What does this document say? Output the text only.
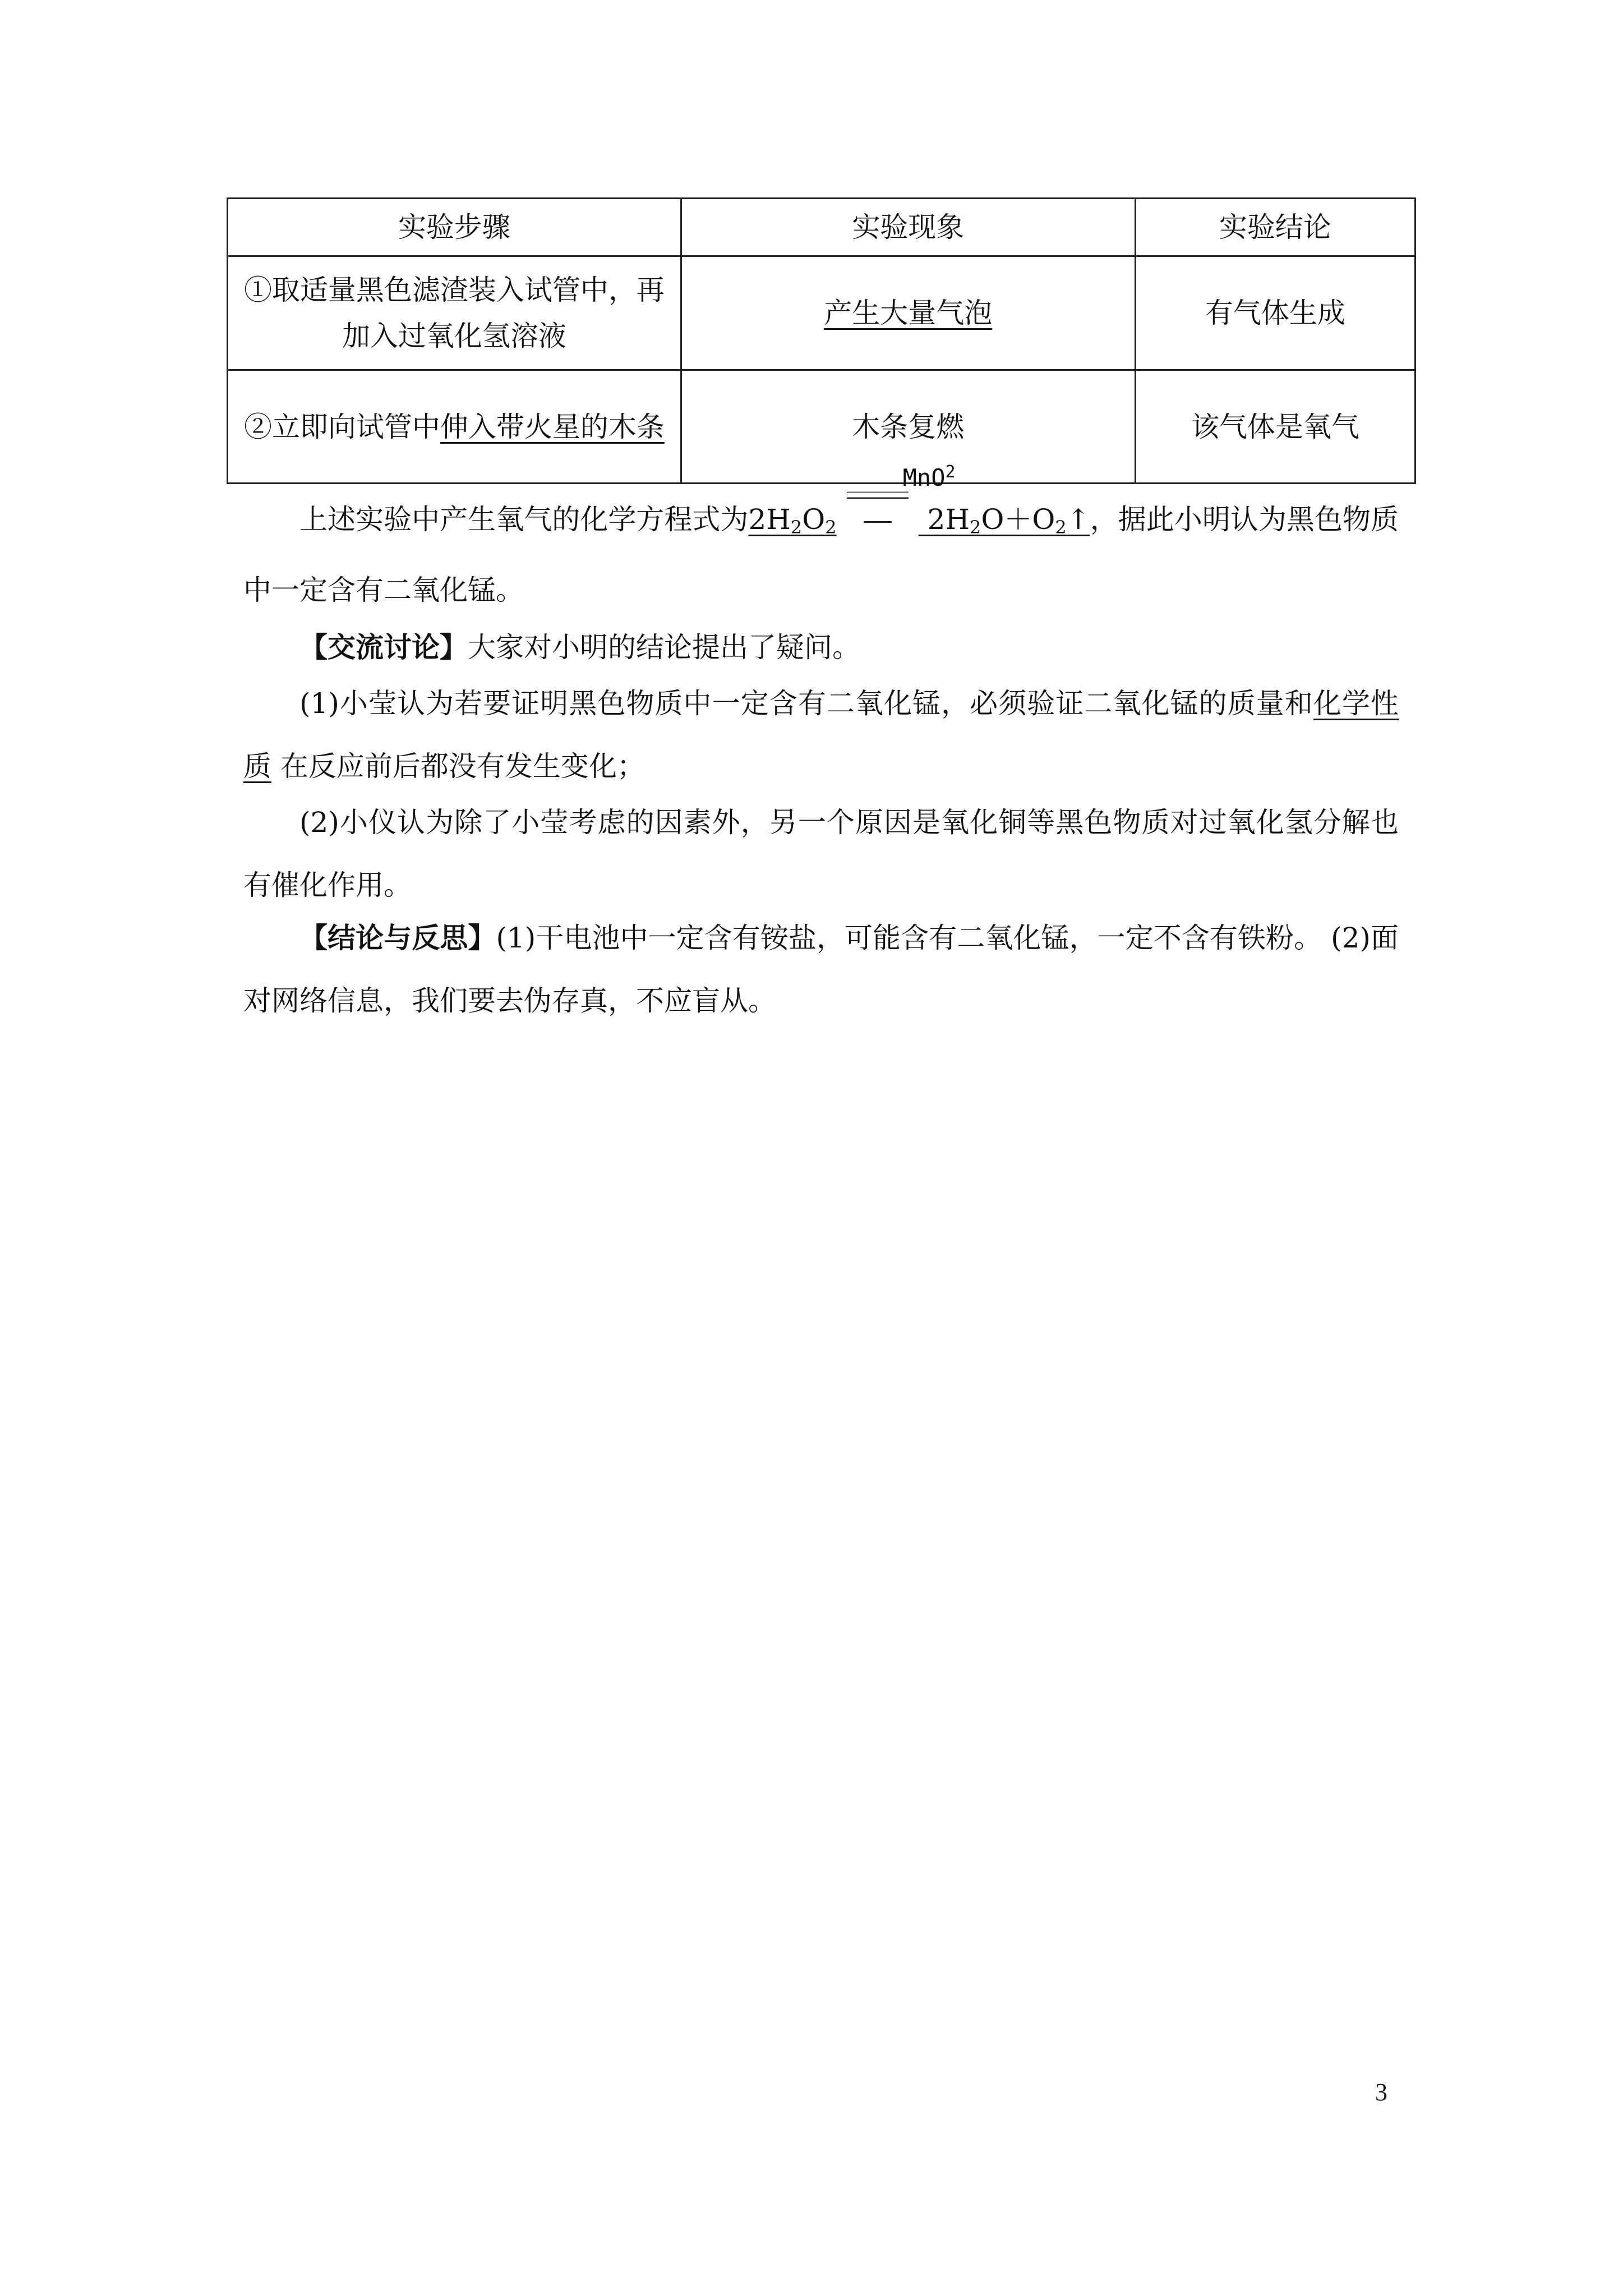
实验步骤	实验现象	实验结论
①取适量黑色滤渣装入试管中，再加入过氧化氢溶液	产生大量气泡	有气体生成
②立即向试管中伸入带火星的木条	木条复燃	该气体是氧气
上述实验中产生氧气的化学方程式为$2H_2O_2$
MnO$^2$
$2H_2O+O_2↑$，据此小明认为黑色物质中一定含有二氧化锰。
【交流讨论】大家对小明的结论提出了疑问。
(1)小莹认为若要证明黑色物质中一定含有二氧化锰，必须验证二氧化锰的质量和化学性质 在反应前后都没有发生变化；
(2)小仪认为除了小莹考虑的因素外，另一个原因是氧化铜等黑色物质对过氧化氢分解也有催化作用。
【结论与反思】(1)干电池中一定含有铵盐，可能含有二氧化锰，一定不含有铁粉。 (2)面对网络信息，我们要去伪存真，不应盲从。
3
